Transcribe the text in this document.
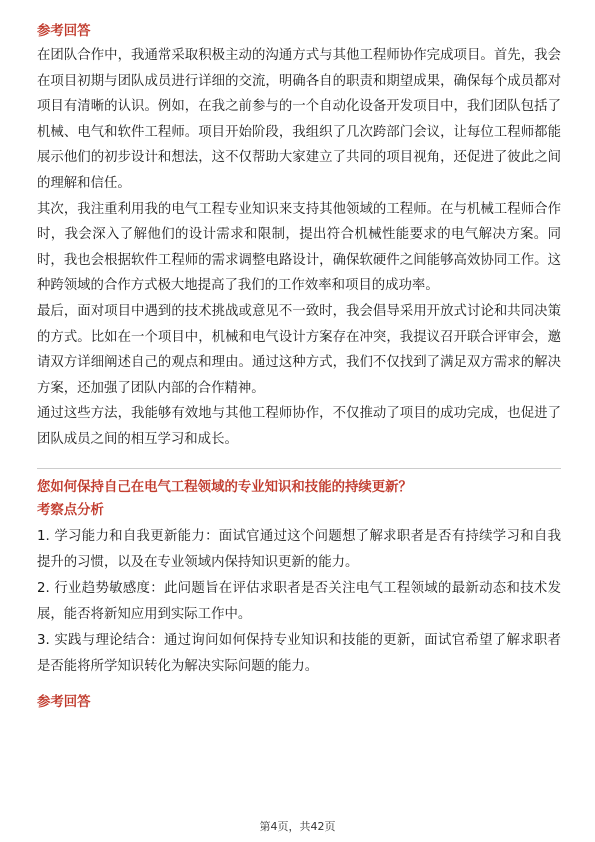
参考回答

在团队合作中，我通常采取积极主动的沟通方式与其他工程师协作完成项目。首先，我会在项目初期与团队成员进行详细的交流，明确各自的职责和期望成果，确保每个成员都对项目有清晰的认识。例如，在我之前参与的一个自动化设备开发项目中，我们团队包括了机械、电气和软件工程师。项目开始阶段，我组织了几次跨部门会议，让每位工程师都能展示他们的初步设计和想法，这不仅帮助大家建立了共同的项目视角，还促进了彼此之间的理解和信任。

其次，我注重利用我的电气工程专业知识来支持其他领域的工程师。在与机械工程师合作时，我会深入了解他们的设计需求和限制，提出符合机械性能要求的电气解决方案。同时，我也会根据软件工程师的需求调整电路设计，确保软硬件之间能够高效协同工作。这种跨领域的合作方式极大地提高了我们的工作效率和项目的成功率。

最后，面对项目中遇到的技术挑战或意见不一致时，我会倡导采用开放式讨论和共同决策的方式。比如在一个项目中，机械和电气设计方案存在冲突，我提议召开联合评审会，邀请双方详细阐述自己的观点和理由。通过这种方式，我们不仅找到了满足双方需求的解决方案，还加强了团队内部的合作精神。

通过这些方法，我能够有效地与其他工程师协作，不仅推动了项目的成功完成，也促进了团队成员之间的相互学习和成长。

您如何保持自己在电气工程领域的专业知识和技能的持续更新？

考察点分析

1. 学习能力和自我更新能力：面试官通过这个问题想了解求职者是否有持续学习和自我提升的习惯，以及在专业领域内保持知识更新的能力。

2. 行业趋势敏感度：此问题旨在评估求职者是否关注电气工程领域的最新动态和技术发展，能否将新知应用到实际工作中。

3. 实践与理论结合：通过询问如何保持专业知识和技能的更新，面试官希望了解求职者是否能将所学知识转化为解决实际问题的能力。

参考回答

第4页，共42页
